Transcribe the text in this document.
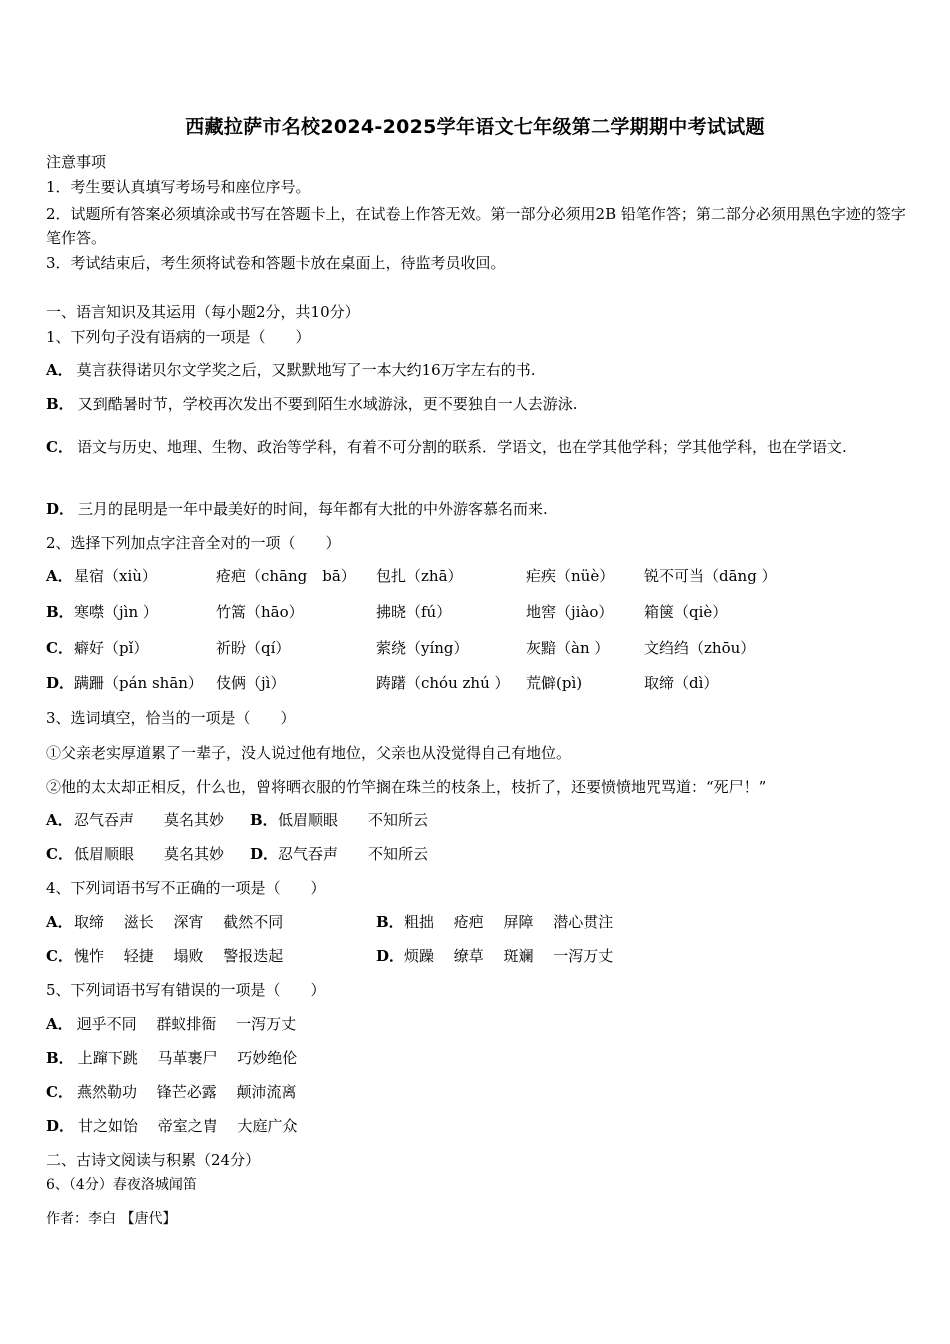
西藏拉萨市名校2024-2025学年语文七年级第二学期期中考试试题
注意事项
1．考生要认真填写考场号和座位序号。
2．试题所有答案必须填涂或书写在答题卡上，在试卷上作答无效。第一部分必须用2B 铅笔作答；第二部分必须用黑色字迹的签字笔作答。
3．考试结束后，考生须将试卷和答题卡放在桌面上，待监考员收回。
一、语言知识及其运用（每小题2分，共10分）
1、下列句子没有语病的一项是（　　）
A． 莫言获得诺贝尔文学奖之后，又默默地写了一本大约16万字左右的书.
B． 又到酷暑时节，学校再次发出不要到陌生水域游泳，更不要独自一人去游泳.
C． 语文与历史、地理、生物、政治等学科，有着不可分割的联系．学语文，也在学其他学科；学其他学科，也在学语文.
D． 三月的昆明是一年中最美好的时间，每年都有大批的中外游客慕名而来.
2、选择下列加点字注音全对的一项（　　）
A． 星宿（xiù）	疮疤（chāng　bā） 包扎（zhā）	疟疾（nüè） 锐不可当（dāng ）
B． 寒噤（jìn ）	竹篙（hāo）	拂晓（fú）	地窖（jiào） 箱箧（qiè）
C． 癖好（pǐ）	祈盼（qí）	萦绕（yíng）	灰黯（àn ） 文绉绉（zhōu）
D． 蹒跚（pán shān） 伎俩（jì）	踌躇（chóu zhú ） 荒僻(pì)	取缔（dì）
3、选词填空，恰当的一项是（　　）
①父亲老实厚道累了一辈子，没人说过他有地位，父亲也从没觉得自己有地位。
②他的太太却正相反，什么也，曾将晒衣服的竹竿搁在珠兰的枝条上，枝折了，还要愤愤地咒骂道：“死尸！”
A． 忍气吞声　　莫名其妙 B． 低眉顺眼　　不知所云
C． 低眉顺眼　　莫名其妙 D． 忍气吞声　　不知所云
4、下列词语书写不正确的一项是（　　）
A． 取缔　 滋长　 深宵　 截然不同	B． 粗拙　 疮疤　 屏障　 潜心贯注
C． 愧怍　 轻捷　 塌败　 警报迭起	D． 烦躁　 缭草　 斑斓　 一泻万丈
5、下列词语书写有错误的一项是（　　）
A． 迥乎不同　 群蚁排衙　 一泻万丈
B． 上蹿下跳　 马革裹尸　 巧妙绝伦
C． 燕然勒功　 锋芒必露　 颠沛流离
D． 甘之如饴　 帝室之胄　 大庭广众
二、古诗文阅读与积累（24分）
6、（4分）春夜洛城闻笛
作者：李白 【唐代】
